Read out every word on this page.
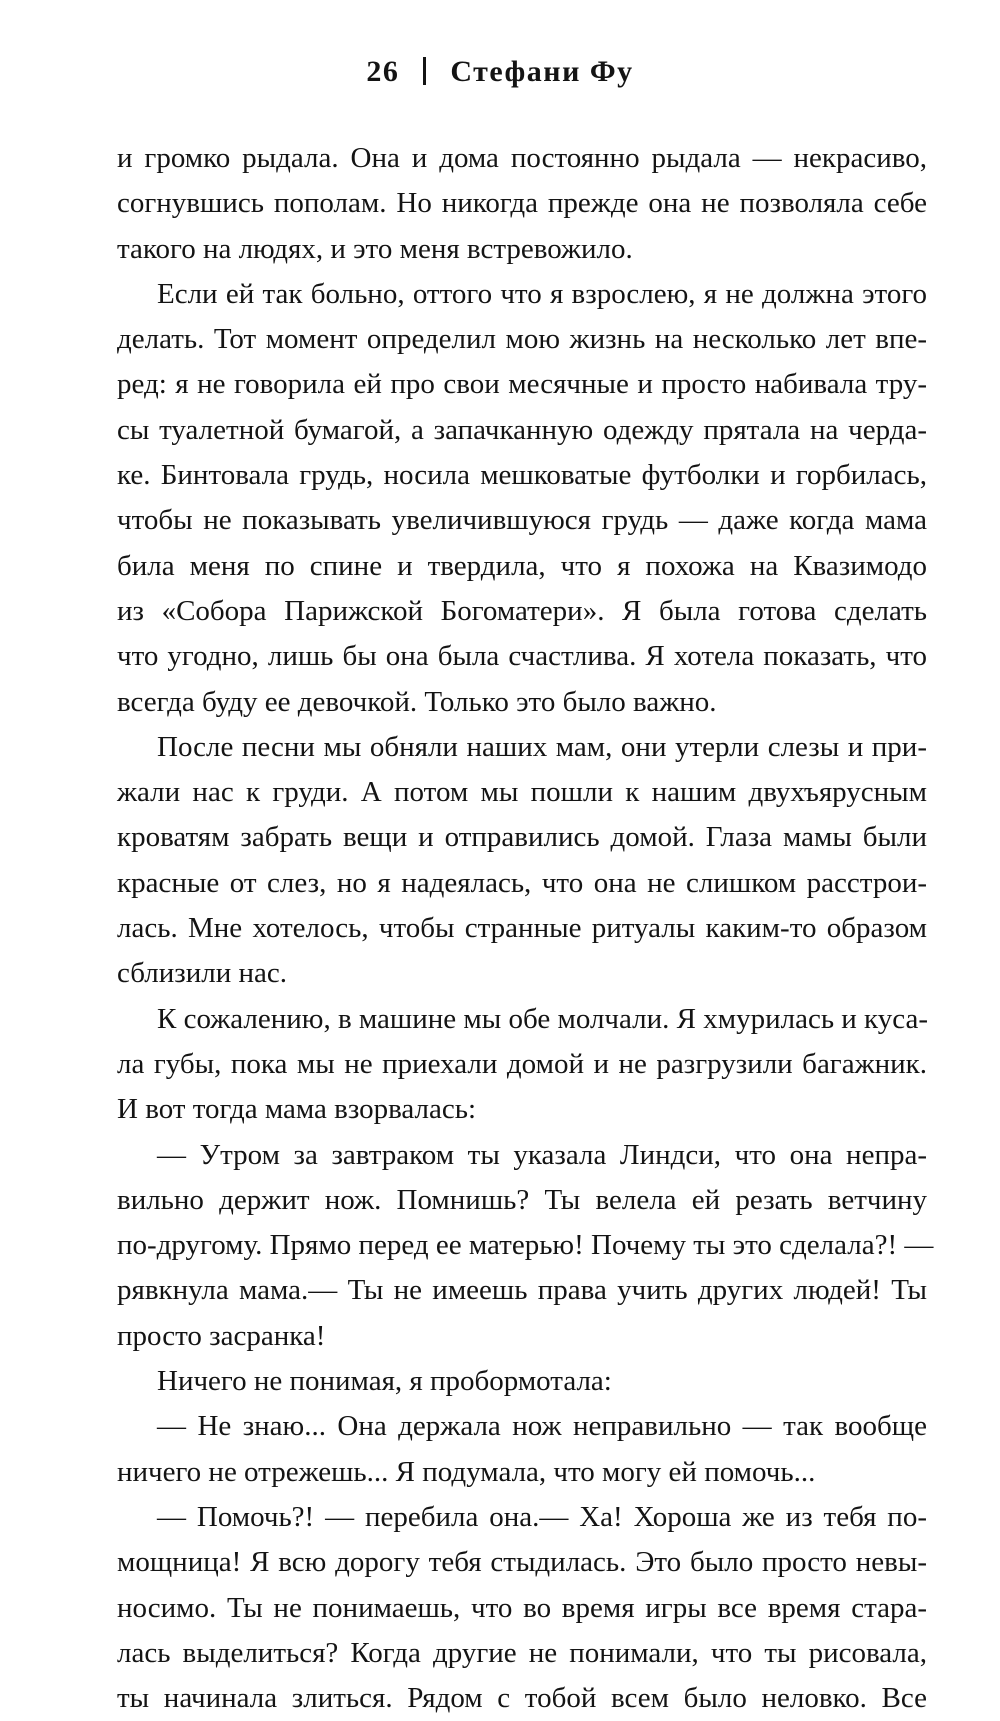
26 Стефани Фу
и громко рыдала. Она и дома постоянно рыдала — некрасиво,
согнувшись пополам. Но никогда прежде она не позволяла себе
такого на людях, и это меня встревожило.
Если ей так больно, оттого что я взрослею, я не должна этого
делать. Тот момент определил мою жизнь на несколько лет впе-
ред: я не говорила ей про свои месячные и просто набивала тру-
сы туалетной бумагой, а запачканную одежду прятала на черда-
ке. Бинтовала грудь, носила мешковатые футболки и горбилась,
чтобы не показывать увеличившуюся грудь — даже когда мама
била меня по спине и твердила, что я похожа на Квазимодо
из «Собора Парижской Богоматери». Я была готова сделать
что угодно, лишь бы она была счастлива. Я хотела показать, что
всегда буду ее девочкой. Только это было важно.
После песни мы обняли наших мам, они утерли слезы и при-
жали нас к груди. А потом мы пошли к нашим двухъярусным
кроватям забрать вещи и отправились домой. Глаза мамы были
красные от слез, но я надеялась, что она не слишком расстрои-
лась. Мне хотелось, чтобы странные ритуалы каким-то образом
сблизили нас.
К сожалению, в машине мы обе молчали. Я хмурилась и куса-
ла губы, пока мы не приехали домой и не разгрузили багажник.
И вот тогда мама взорвалась:
— Утром за завтраком ты указала Линдси, что она непра-
вильно держит нож. Помнишь? Ты велела ей резать ветчину
по-другому. Прямо перед ее матерью! Почему ты это сделала?! —
рявкнула мама.— Ты не имеешь права учить других людей! Ты
просто засранка!
Ничего не понимая, я пробормотала:
— Не знаю... Она держала нож неправильно — так вообще
ничего не отрежешь... Я подумала, что могу ей помочь...
— Помочь?! — перебила она.— Ха! Хороша же из тебя по-
мощница! Я всю дорогу тебя стыдилась. Это было просто невы-
носимо. Ты не понимаешь, что во время игры все время стара-
лась выделиться? Когда другие не понимали, что ты рисовала,
ты начинала злиться. Рядом с тобой всем было неловко. Все
